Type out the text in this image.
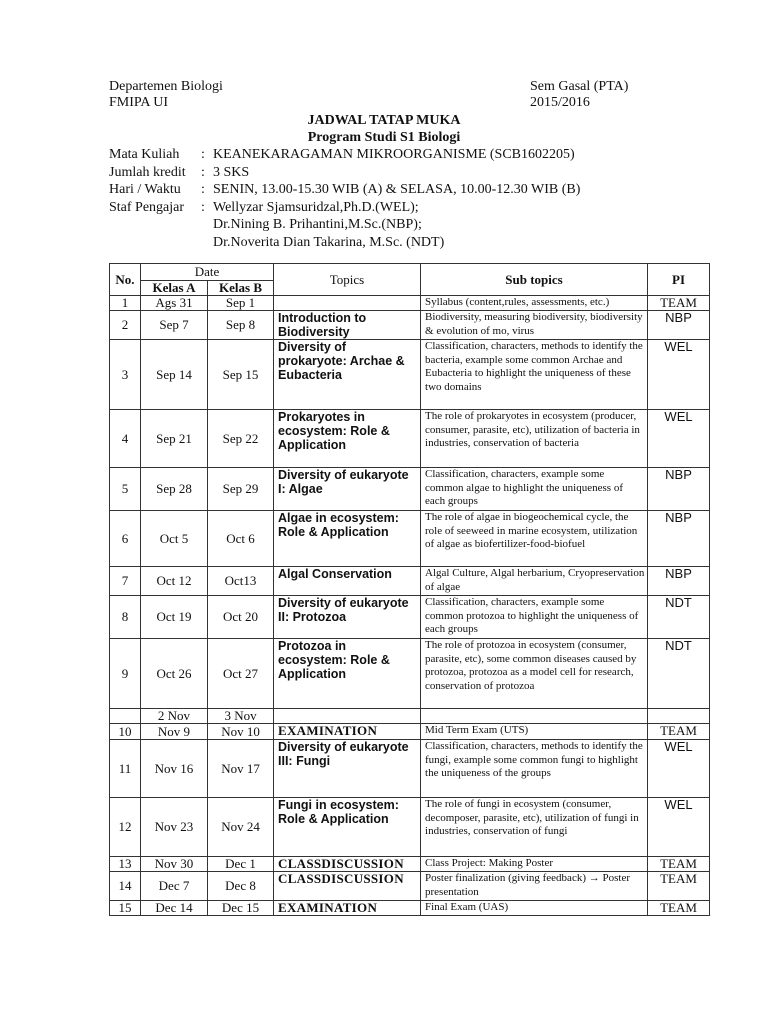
Departemen Biologi
FMIPA UI
Sem Gasal (PTA)
2015/2016
JADWAL TATAP MUKA
Program Studi S1 Biologi
Mata Kuliah	: KEANEKARAGAMAN MIKROORGANISME (SCB1602205)
Jumlah kredit	: 3 SKS
Hari / Waktu	: SENIN, 13.00-15.30 WIB (A) & SELASA, 10.00-12.30 WIB (B)
Staf Pengajar	: Wellyzar Sjamsuridzal,Ph.D.(WEL);
Dr.Nining B. Prihantini,M.Sc.(NBP);
Dr.Noverita Dian Takarina, M.Sc. (NDT)
No.	Date		Topics	Sub topics	PI
	Kelas A	Kelas B			
1	Ags 31	Sep 1		Syllabus (content,rules, assessments, etc.)	TEAM
2	Sep 7	Sep 8	Introduction to Biodiversity	Biodiversity, measuring biodiversity, biodiversity & evolution of mo, virus	NBP
3	Sep 14	Sep 15	Diversity of prokaryote: Archae & Eubacteria	Classification, characters, methods to identify the bacteria, example some common Archae and Eubacteria to highlight the uniqueness of these two domains	WEL
4	Sep 21	Sep 22	Prokaryotes in ecosystem: Role & Application	The role of prokaryotes in ecosystem (producer, consumer, parasite, etc), utilization of bacteria in industries, conservation of bacteria	WEL
5	Sep 28	Sep 29	Diversity of eukaryote I: Algae	Classification, characters, example some common algae to highlight the uniqueness of each groups	NBP
6	Oct 5	Oct 6	Algae in ecosystem: Role & Application	The role of algae in biogeochemical cycle, the role of seeweed in marine ecosystem, utilization of algae as biofertilizer-food-biofuel	NBP
7	Oct 12	Oct13	Algal Conservation	Algal Culture, Algal herbarium, Cryopreservation of algae	NBP
8	Oct 19	Oct 20	Diversity of eukaryote II: Protozoa	Classification, characters, example some common protozoa to highlight the uniqueness of each groups	NDT
9	Oct 26	Oct 27	Protozoa in ecosystem: Role & Application	The role of protozoa in ecosystem (consumer, parasite, etc), some common diseases caused by protozoa, protozoa as a model cell for research, conservation of protozoa	NDT
	2 Nov	3 Nov			
10	Nov 9	Nov 10	EXAMINATION	Mid Term Exam (UTS)	TEAM
11	Nov 16	Nov 17	Diversity of eukaryote III: Fungi	Classification, characters, methods to identify the fungi, example some common fungi to highlight the uniqueness of the groups	WEL
12	Nov 23	Nov 24	Fungi in ecosystem: Role & Application	The role of fungi in ecosystem (consumer, decomposer, parasite, etc), utilization of fungi in industries, conservation of fungi	WEL
13	Nov 30	Dec 1	CLASSDISCUSSION	Class Project: Making Poster	TEAM
14	Dec 7	Dec 8	CLASSDISCUSSION	Poster finalization (giving feedback) → Poster presentation	TEAM
15	Dec 14	Dec 15	EXAMINATION	Final Exam (UAS)	TEAM
